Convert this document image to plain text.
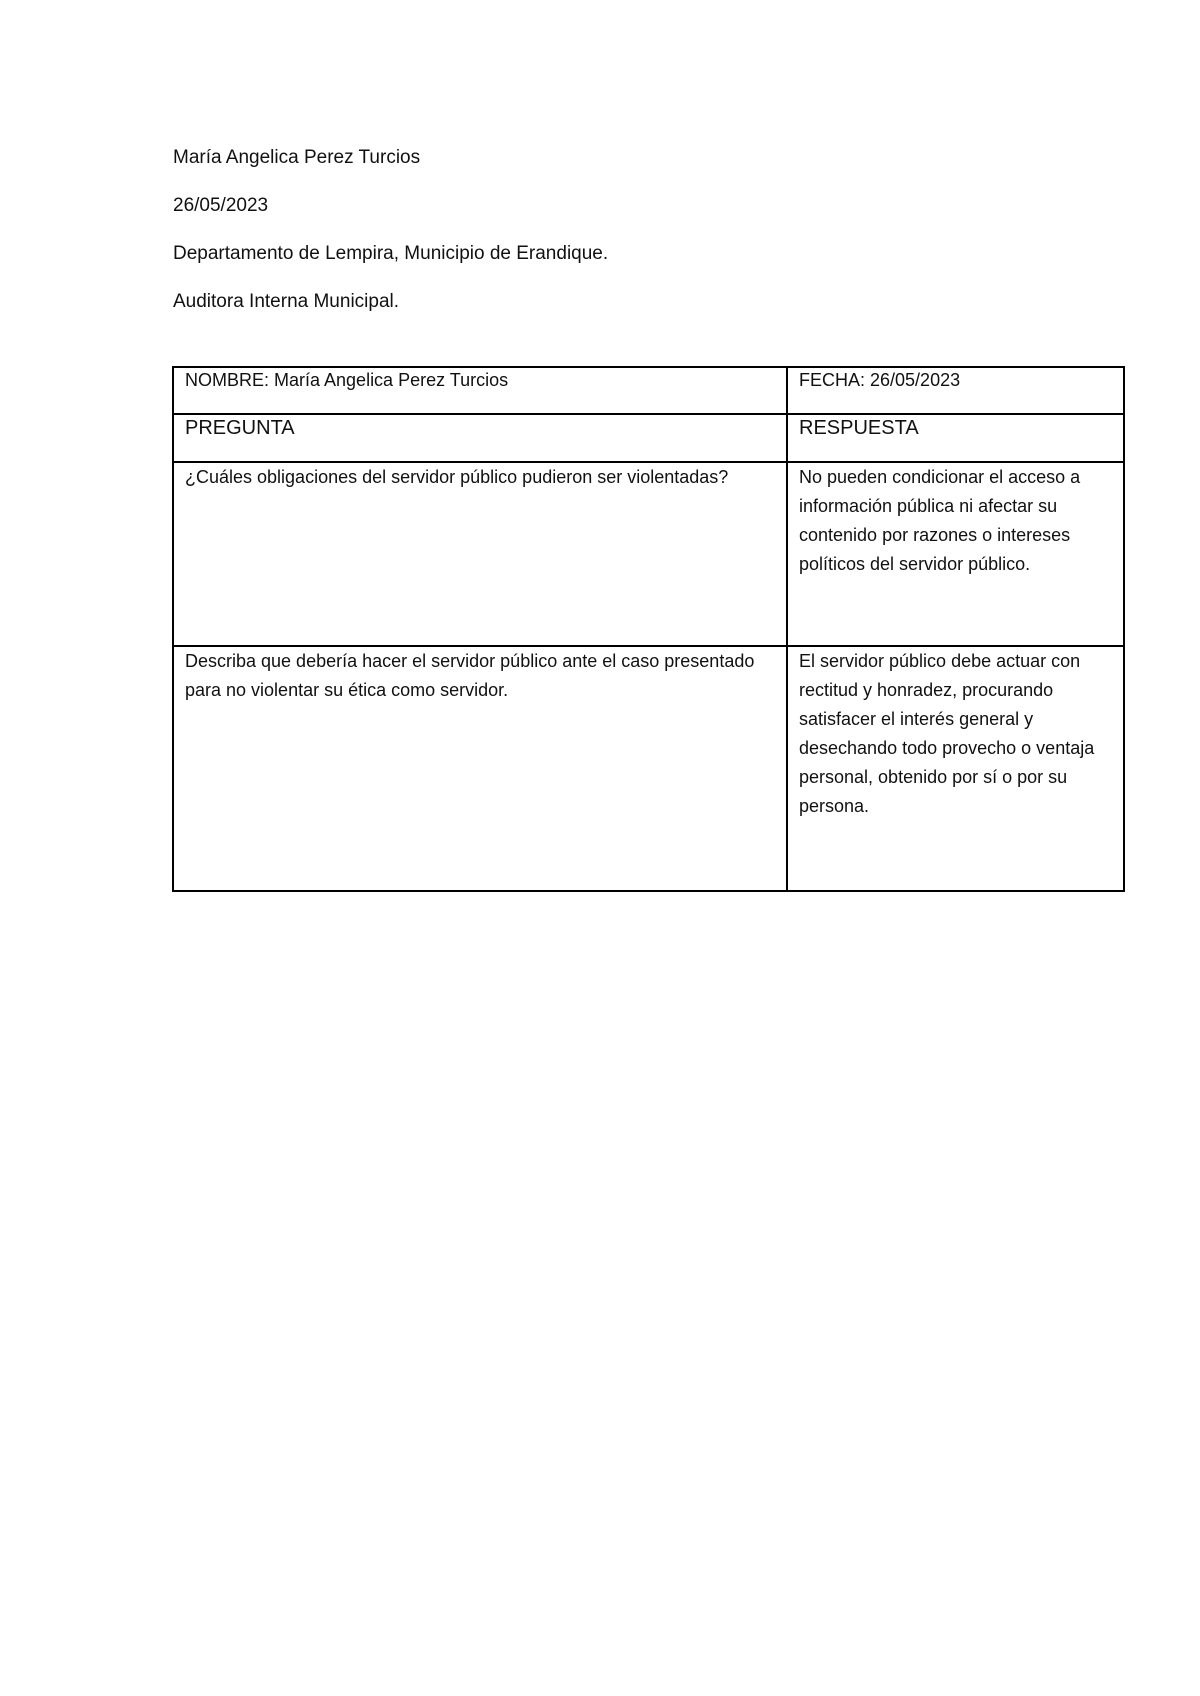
María Angelica Perez Turcios
26/05/2023
Departamento de Lempira, Municipio de Erandique.
Auditora Interna Municipal.
NOMBRE: María Angelica Perez Turcios	FECHA: 26/05/2023
PREGUNTA	RESPUESTA
¿Cuáles obligaciones del servidor público pudieron ser violentadas?	No pueden condicionar el acceso a información pública ni afectar su contenido por razones o intereses políticos del servidor público.
Describa que debería hacer el servidor público ante el caso presentado para no violentar su ética como servidor.	El servidor público debe actuar con rectitud y honradez, procurando satisfacer el interés general y desechando todo provecho o ventaja personal, obtenido por sí o por su persona.
